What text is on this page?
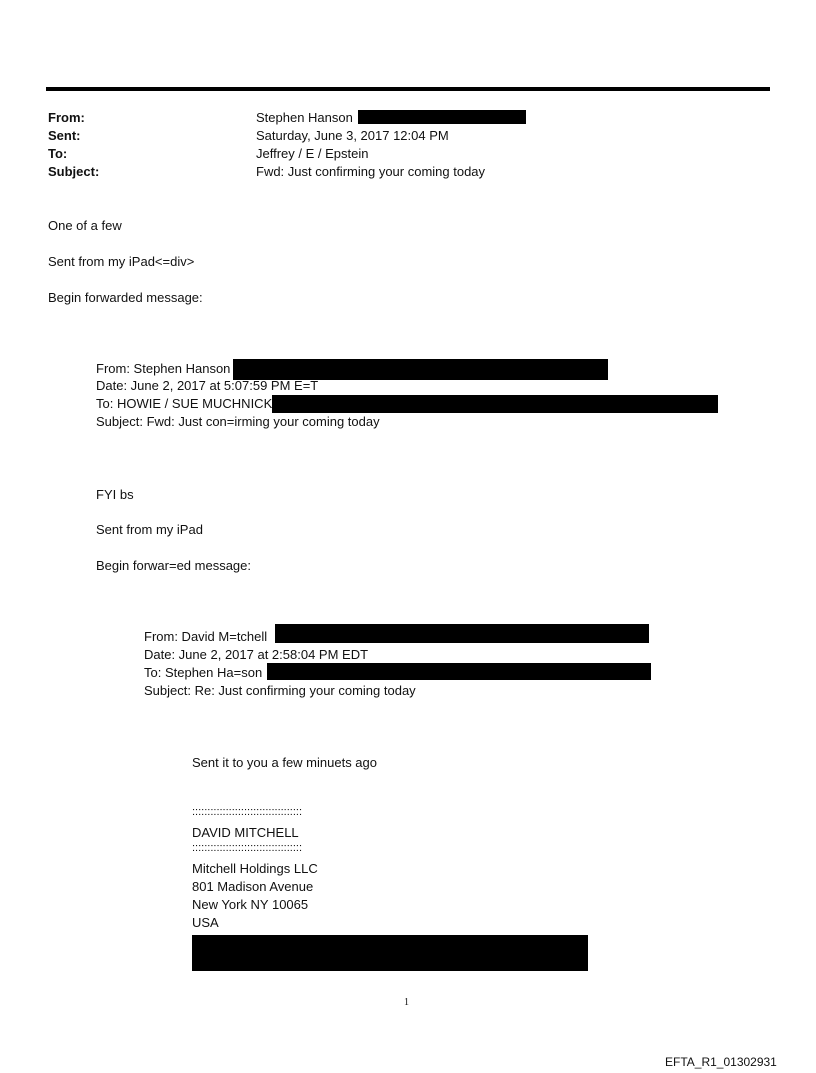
From:	Stephen Hanson
Sent:	Saturday, June 3, 2017 12:04 PM
To:	Jeffrey / E / Epstein
Subject:	Fwd: Just confirming your coming today
One of a few
Sent from my iPad<=div>
Begin forwarded message:
From: Stephen Hanson
Date: June 2, 2017 at 5:07:59 PM E=T
To: HOWIE / SUE MUCHNICK
Subject: Fwd: Just con=irming your coming today
FYI bs
Sent from my iPad
Begin forwar=ed message:
From: David M=tchell
Date: June 2, 2017 at 2:58:04 PM EDT
To: Stephen Ha=son
Subject: Re: Just confirming your coming today
Sent it to you a few minuets ago
::::::::::::::::::::::::::::::::::::
DAVID MITCHELL
::::::::::::::::::::::::::::::::::::
Mitchell Holdings LLC
801 Madison Avenue
New York NY 10065
USA
1
EFTA_R1_01302931
